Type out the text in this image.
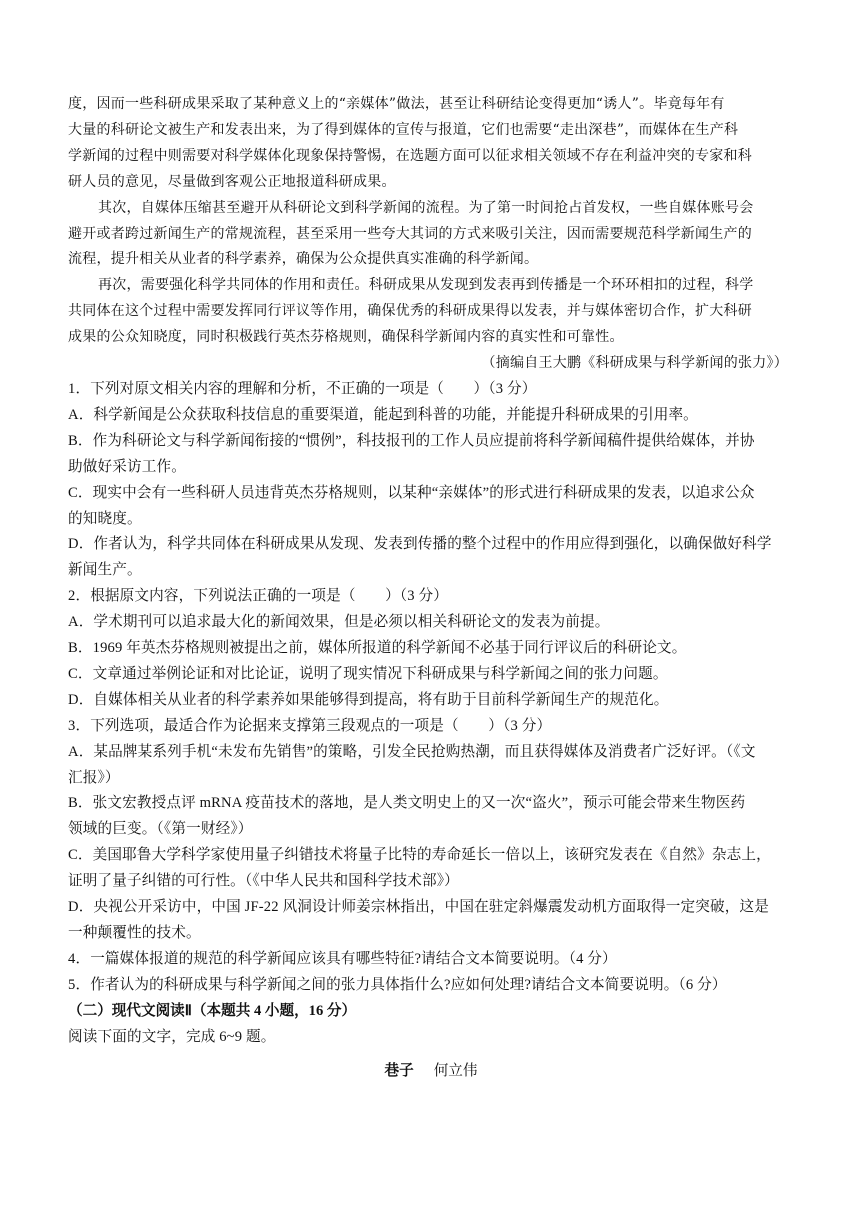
度，因而一些科研成果采取了某种意义上的“亲媒体”做法，甚至让科研结论变得更加“诱人”。毕竟每年有
大量的科研论文被生产和发表出来，为了得到媒体的宣传与报道，它们也需要“走出深巷”，而媒体在生产科
学新闻的过程中则需要对科学媒体化现象保持警惕，在选题方面可以征求相关领域不存在利益冲突的专家和科
研人员的意见，尽量做到客观公正地报道科研成果。
其次，自媒体压缩甚至避开从科研论文到科学新闻的流程。为了第一时间抢占首发权，一些自媒体账号会
避开或者跨过新闻生产的常规流程，甚至采用一些夸大其词的方式来吸引关注，因而需要规范科学新闻生产的
流程，提升相关从业者的科学素养，确保为公众提供真实准确的科学新闻。
再次，需要强化科学共同体的作用和责任。科研成果从发现到发表再到传播是一个环环相扣的过程，科学
共同体在这个过程中需要发挥同行评议等作用，确保优秀的科研成果得以发表，并与媒体密切合作，扩大科研
成果的公众知晓度，同时积极践行英杰芬格规则，确保科学新闻内容的真实性和可靠性。
（摘编自王大鹏《科研成果与科学新闻的张力》）
1．下列对原文相关内容的理解和分析，不正确的一项是（　　）（3 分）
A．科学新闻是公众获取科技信息的重要渠道，能起到科普的功能，并能提升科研成果的引用率。
B．作为科研论文与科学新闻衔接的“惯例”，科技报刊的工作人员应提前将科学新闻稿件提供给媒体，并协
助做好采访工作。
C．现实中会有一些科研人员违背英杰芬格规则，以某种“亲媒体”的形式进行科研成果的发表，以追求公众
的知晓度。
D．作者认为，科学共同体在科研成果从发现、发表到传播的整个过程中的作用应得到强化，以确保做好科学
新闻生产。
2．根据原文内容，下列说法正确的一项是（　　）（3 分）
A．学术期刊可以追求最大化的新闻效果，但是必须以相关科研论文的发表为前提。
B．1969 年英杰芬格规则被提出之前，媒体所报道的科学新闻不必基于同行评议后的科研论文。
C．文章通过举例论证和对比论证，说明了现实情况下科研成果与科学新闻之间的张力问题。
D．自媒体相关从业者的科学素养如果能够得到提高，将有助于目前科学新闻生产的规范化。
3．下列选项，最适合作为论据来支撑第三段观点的一项是（　　）（3 分）
A．某品牌某系列手机“未发布先销售”的策略，引发全民抢购热潮，而且获得媒体及消费者广泛好评。（《文
汇报》）
B．张文宏教授点评 mRNA 疫苗技术的落地，是人类文明史上的又一次“盗火”，预示可能会带来生物医药
领域的巨变。（《第一财经》）
C．美国耶鲁大学科学家使用量子纠错技术将量子比特的寿命延长一倍以上，该研究发表在《自然》杂志上，
证明了量子纠错的可行性。（《中华人民共和国科学技术部》）
D．央视公开采访中，中国 JF-22 风洞设计师姜宗林指出，中国在驻定斜爆震发动机方面取得一定突破，这是
一种颠覆性的技术。
4．一篇媒体报道的规范的科学新闻应该具有哪些特征?请结合文本简要说明。（4 分）
5．作者认为的科研成果与科学新闻之间的张力具体指什么?应如何处理?请结合文本简要说明。（6 分）
（二）现代文阅读Ⅱ（本题共 4 小题，16 分）
阅读下面的文字，完成 6~9 题。
巷子 何立伟
